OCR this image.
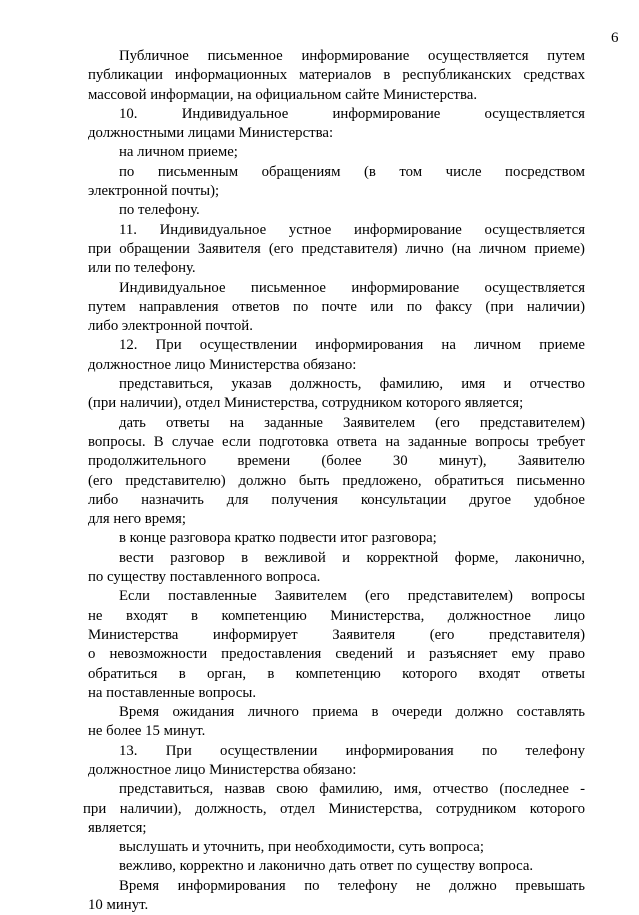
6
Публичное письменное информирование осуществляется путем
публикации информационных материалов в республиканских средствах
массовой информации, на официальном сайте Министерства.
10. Индивидуальное информирование осуществляется
должностными лицами Министерства:
на личном приеме;
по письменным обращениям (в том числе посредством
электронной почты);
по телефону.
11. Индивидуальное устное информирование осуществляется
при обращении Заявителя (его представителя) лично (на личном приеме)
или по телефону.
Индивидуальное письменное информирование осуществляется
путем направления ответов по почте или по факсу (при наличии)
либо электронной почтой.
12. При осуществлении информирования на личном приеме
должностное лицо Министерства обязано:
представиться, указав должность, фамилию, имя и отчество
(при наличии), отдел Министерства, сотрудником которого является;
дать ответы на заданные Заявителем (его представителем)
вопросы. В случае если подготовка ответа на заданные вопросы требует
продолжительного времени (более 30 минут), Заявителю
(его представителю) должно быть предложено, обратиться письменно
либо назначить для получения консультации другое удобное
для него время;
в конце разговора кратко подвести итог разговора;
вести разговор в вежливой и корректной форме, лаконично,
по существу поставленного вопроса.
Если поставленные Заявителем (его представителем) вопросы
не входят в компетенцию Министерства, должностное лицо
Министерства информирует Заявителя (его представителя)
о невозможности предоставления сведений и разъясняет ему право
обратиться в орган, в компетенцию которого входят ответы
на поставленные вопросы.
Время ожидания личного приема в очереди должно составлять
не более 15 минут.
13. При осуществлении информирования по телефону
должностное лицо Министерства обязано:
представиться, назвав свою фамилию, имя, отчество (последнее -
при наличии), должность, отдел Министерства, сотрудником которого
является;
выслушать и уточнить, при необходимости, суть вопроса;
вежливо, корректно и лаконично дать ответ по существу вопроса.
Время информирования по телефону не должно превышать
10 минут.
